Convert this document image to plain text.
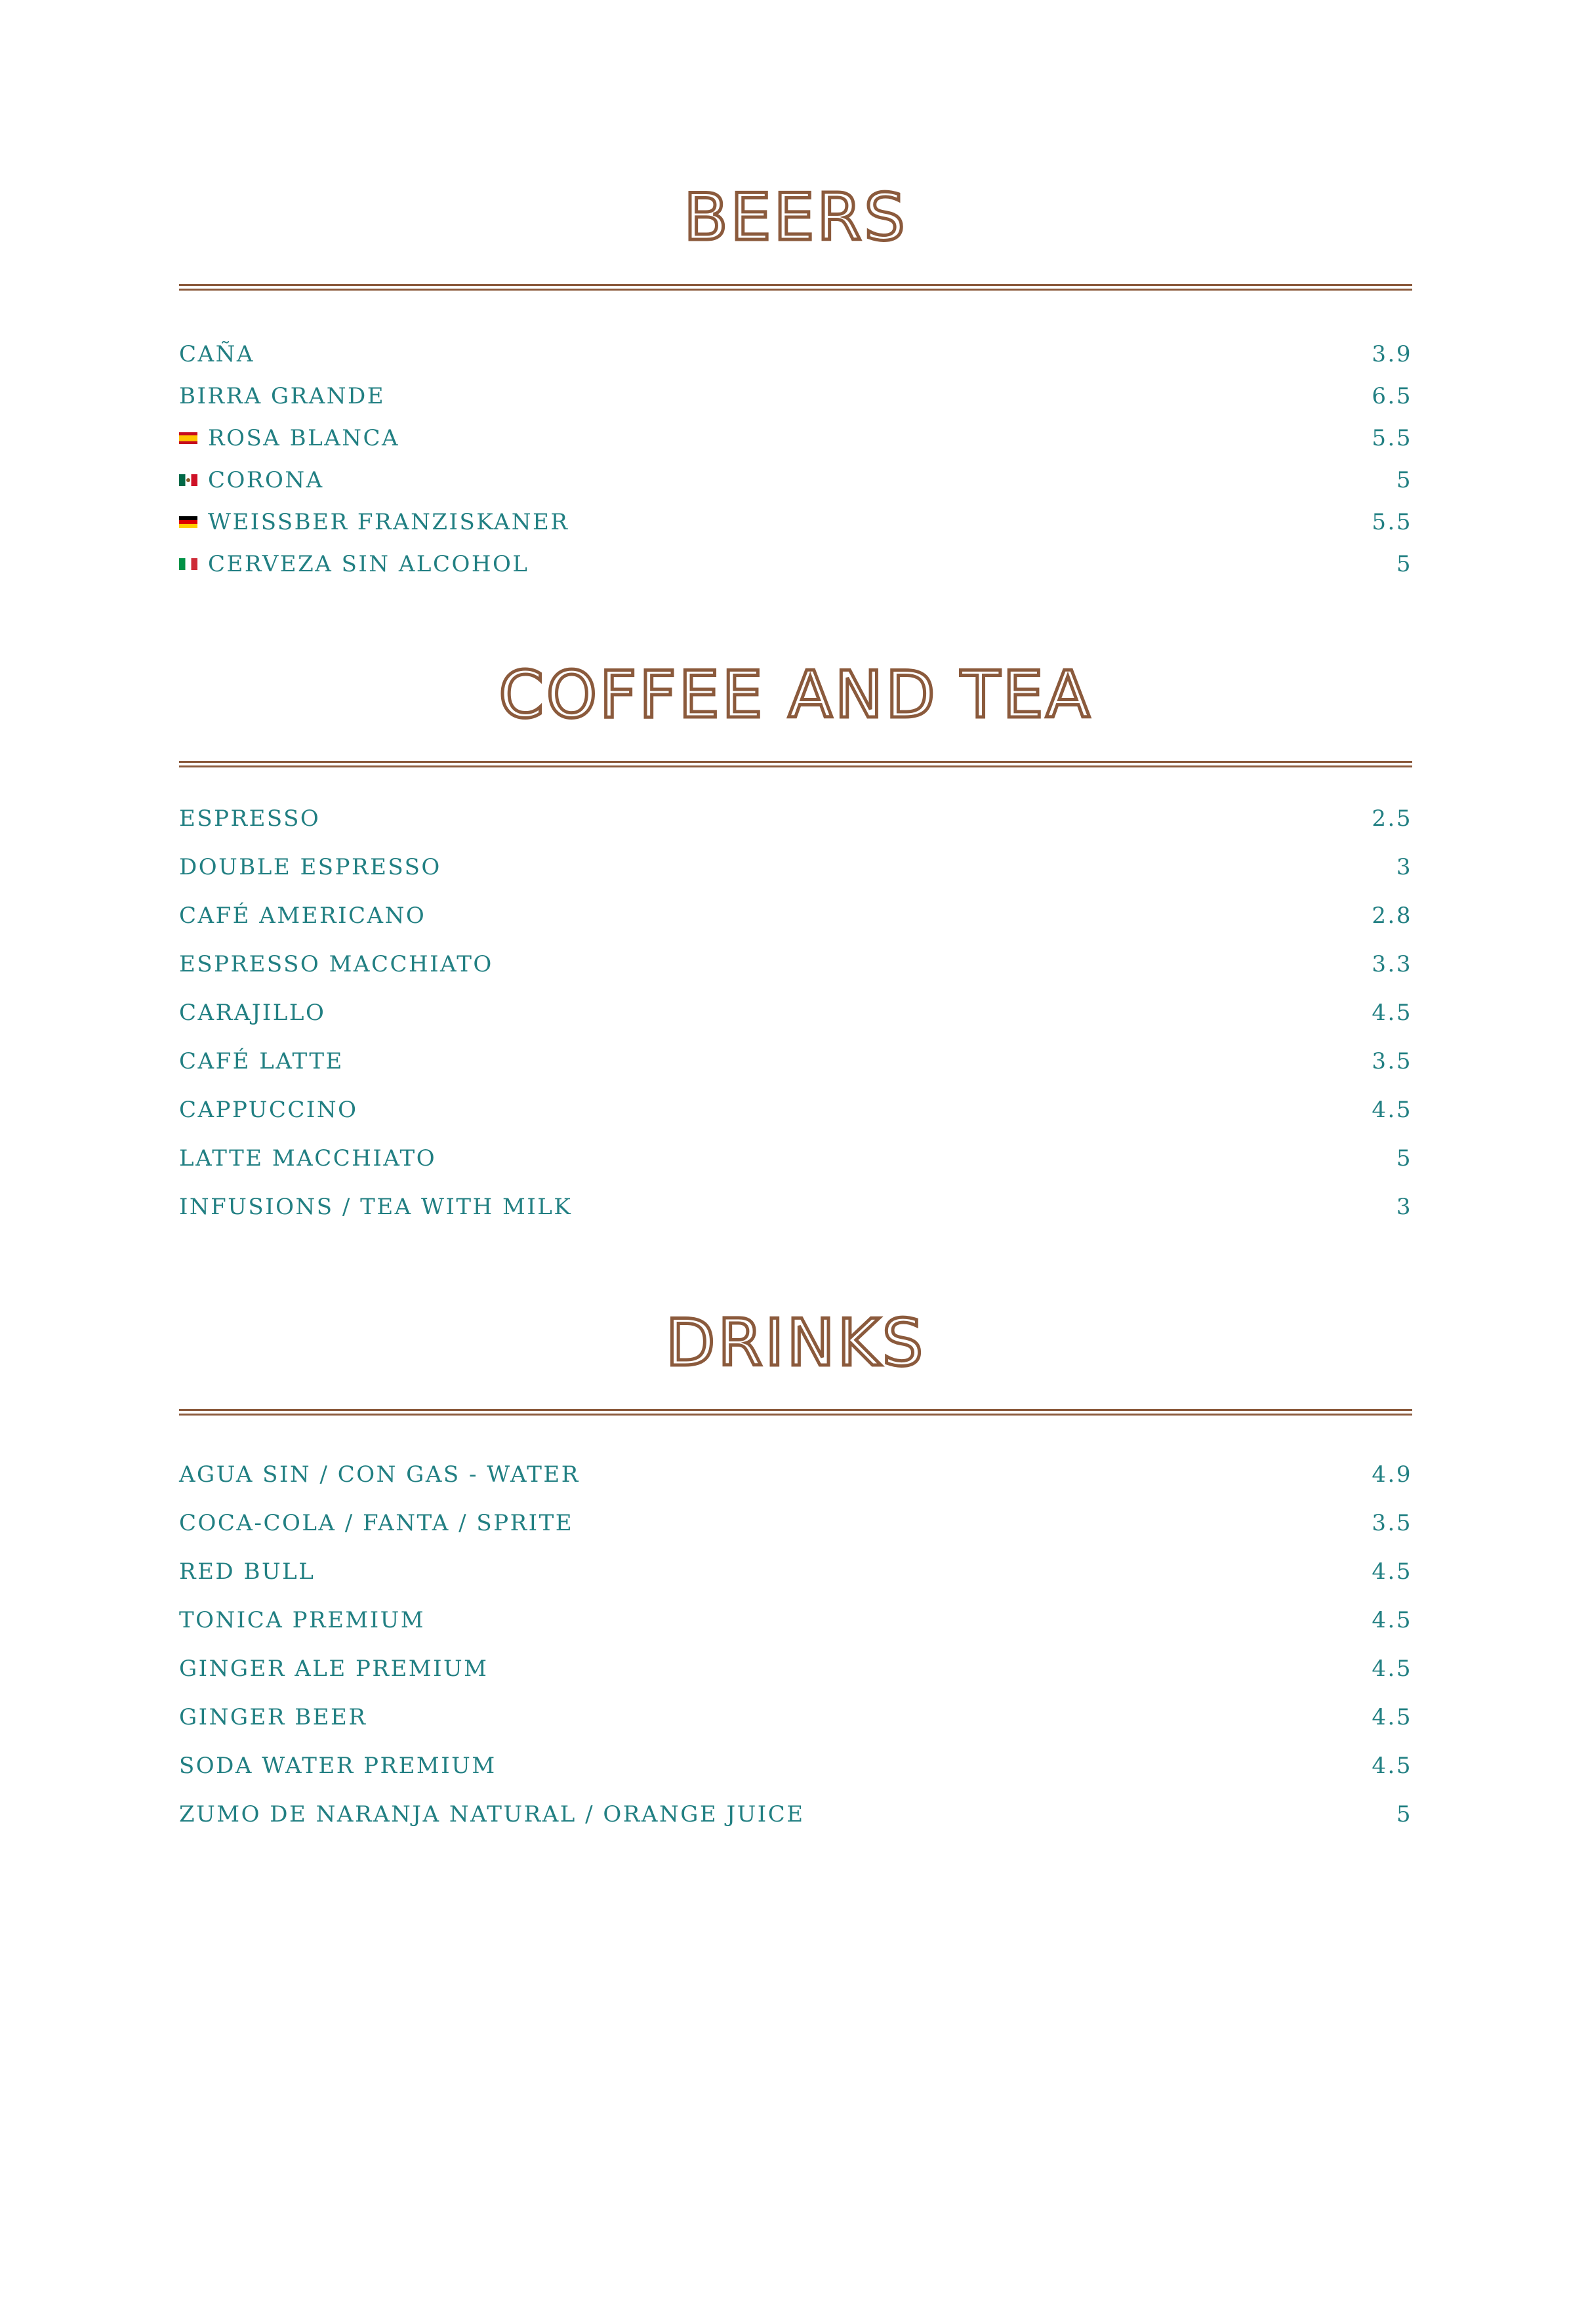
BEERS
CAÑA	3.9
BIRRA GRANDE	6.5
ROSA BLANCA	5.5
CORONA	5
WEISSBER FRANZISKANER	5.5
CERVEZA SIN ALCOHOL	5
COFFEE AND TEA
ESPRESSO	2.5
DOUBLE ESPRESSO	3
CAFÉ AMERICANO	2.8
ESPRESSO MACCHIATO	3.3
CARAJILLO	4.5
CAFÉ LATTE	3.5
CAPPUCCINO	4.5
LATTE MACCHIATO	5
INFUSIONS / TEA WITH MILK	3
DRINKS
AGUA SIN / CON GAS - WATER	4.9
COCA-COLA / FANTA / SPRITE	3.5
RED BULL	4.5
TONICA PREMIUM	4.5
GINGER ALE PREMIUM	4.5
GINGER BEER	4.5
SODA WATER PREMIUM	4.5
ZUMO DE NARANJA NATURAL / ORANGE JUICE	5
